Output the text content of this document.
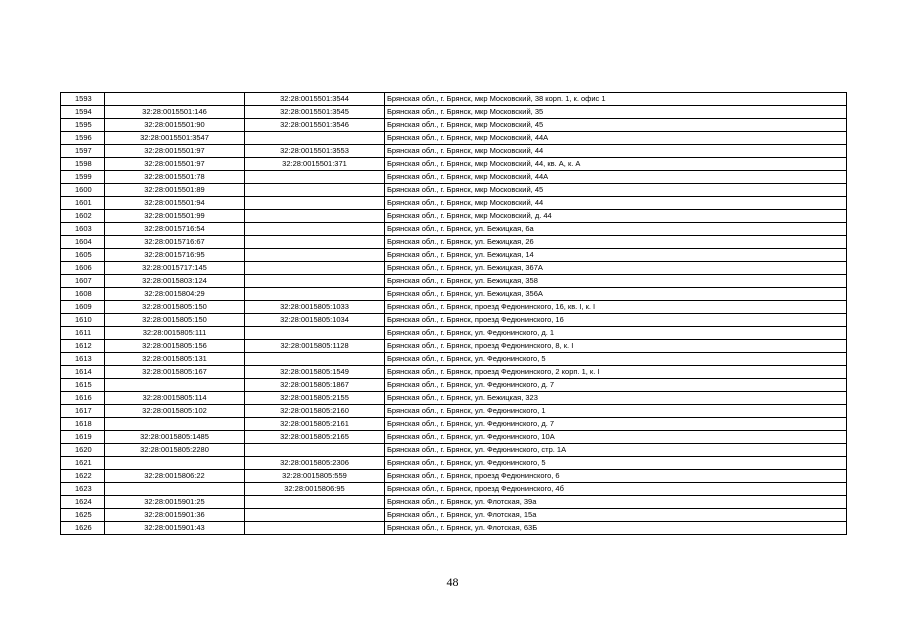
1593		32:28:0015501:3544	Брянская обл., г. Брянск, мкр Московский, 38 корп. 1, к. офис 1
1594	32:28:0015501:146	32:28:0015501:3545	Брянская обл., г. Брянск, мкр Московский, 35
1595	32:28:0015501:90	32:28:0015501:3546	Брянская обл., г. Брянск, мкр Московский, 45
1596	32:28:0015501:3547		Брянская обл., г. Брянск, мкр Московский, 44А
1597	32:28:0015501:97	32:28:0015501:3553	Брянская обл., г. Брянск, мкр Московский, 44
1598	32:28:0015501:97	32:28:0015501:371	Брянская обл., г. Брянск, мкр Московский, 44, кв. А, к. А
1599	32:28:0015501:78		Брянская обл., г. Брянск, мкр Московский, 44А
1600	32:28:0015501:89		Брянская обл., г. Брянск, мкр Московский, 45
1601	32:28:0015501:94		Брянская обл., г. Брянск, мкр Московский, 44
1602	32:28:0015501:99		Брянская обл., г. Брянск, мкр Московский, д. 44
1603	32:28:0015716:54		Брянская обл., г. Брянск, ул. Бежицкая, 6а
1604	32:28:0015716:67		Брянская обл., г. Брянск, ул. Бежицкая, 26
1605	32:28:0015716:95		Брянская обл., г. Брянск, ул. Бежицкая, 14
1606	32:28:0015717:145		Брянская обл., г. Брянск, ул. Бежицкая, 367А
1607	32:28:0015803:124		Брянская обл., г. Брянск, ул. Бежицкая, 358
1608	32:28:0015804:29		Брянская обл., г. Брянск, ул. Бежицкая, 356А
1609	32:28:0015805:150	32:28:0015805:1033	Брянская обл., г. Брянск, проезд Федюнинского, 16, кв. I, к. I
1610	32:28:0015805:150	32:28:0015805:1034	Брянская обл., г. Брянск, проезд Федюнинского, 16
1611	32:28:0015805:111		Брянская обл., г. Брянск, ул. Федюнинского, д. 1
1612	32:28:0015805:156	32:28:0015805:1128	Брянская обл., г. Брянск, проезд Федюнинского, 8, к. I
1613	32:28:0015805:131		Брянская обл., г. Брянск, ул. Федюнинского, 5
1614	32:28:0015805:167	32:28:0015805:1549	Брянская обл., г. Брянск, проезд Федюнинского, 2 корп. 1, к. I
1615		32:28:0015805:1867	Брянская обл., г. Брянск, ул. Федюнинского, д. 7
1616	32:28:0015805:114	32:28:0015805:2155	Брянская обл., г. Брянск, ул. Бежицкая, 323
1617	32:28:0015805:102	32:28:0015805:2160	Брянская обл., г. Брянск, ул. Федюнинского, 1
1618		32:28:0015805:2161	Брянская обл., г. Брянск, ул. Федюнинского, д. 7
1619	32:28:0015805:1485	32:28:0015805:2165	Брянская обл., г. Брянск, ул. Федюнинского, 10А
1620	32:28:0015805:2280		Брянская обл., г. Брянск, ул. Федюнинского, стр. 1А
1621		32:28:0015805:2306	Брянская обл., г. Брянск, ул. Федюнинского, 5
1622	32:28:0015806:22	32:28:0015805:559	Брянская обл., г. Брянск, проезд Федюнинского, 6
1623		32:28:0015806:95	Брянская обл., г. Брянск, проезд Федюнинского, 4б
1624	32:28:0015901:25		Брянская обл., г. Брянск, ул. Флотская, 39а
1625	32:28:0015901:36		Брянская обл., г. Брянск, ул. Флотская, 15а
1626	32:28:0015901:43		Брянская обл., г. Брянск, ул. Флотская, 63Б
48
